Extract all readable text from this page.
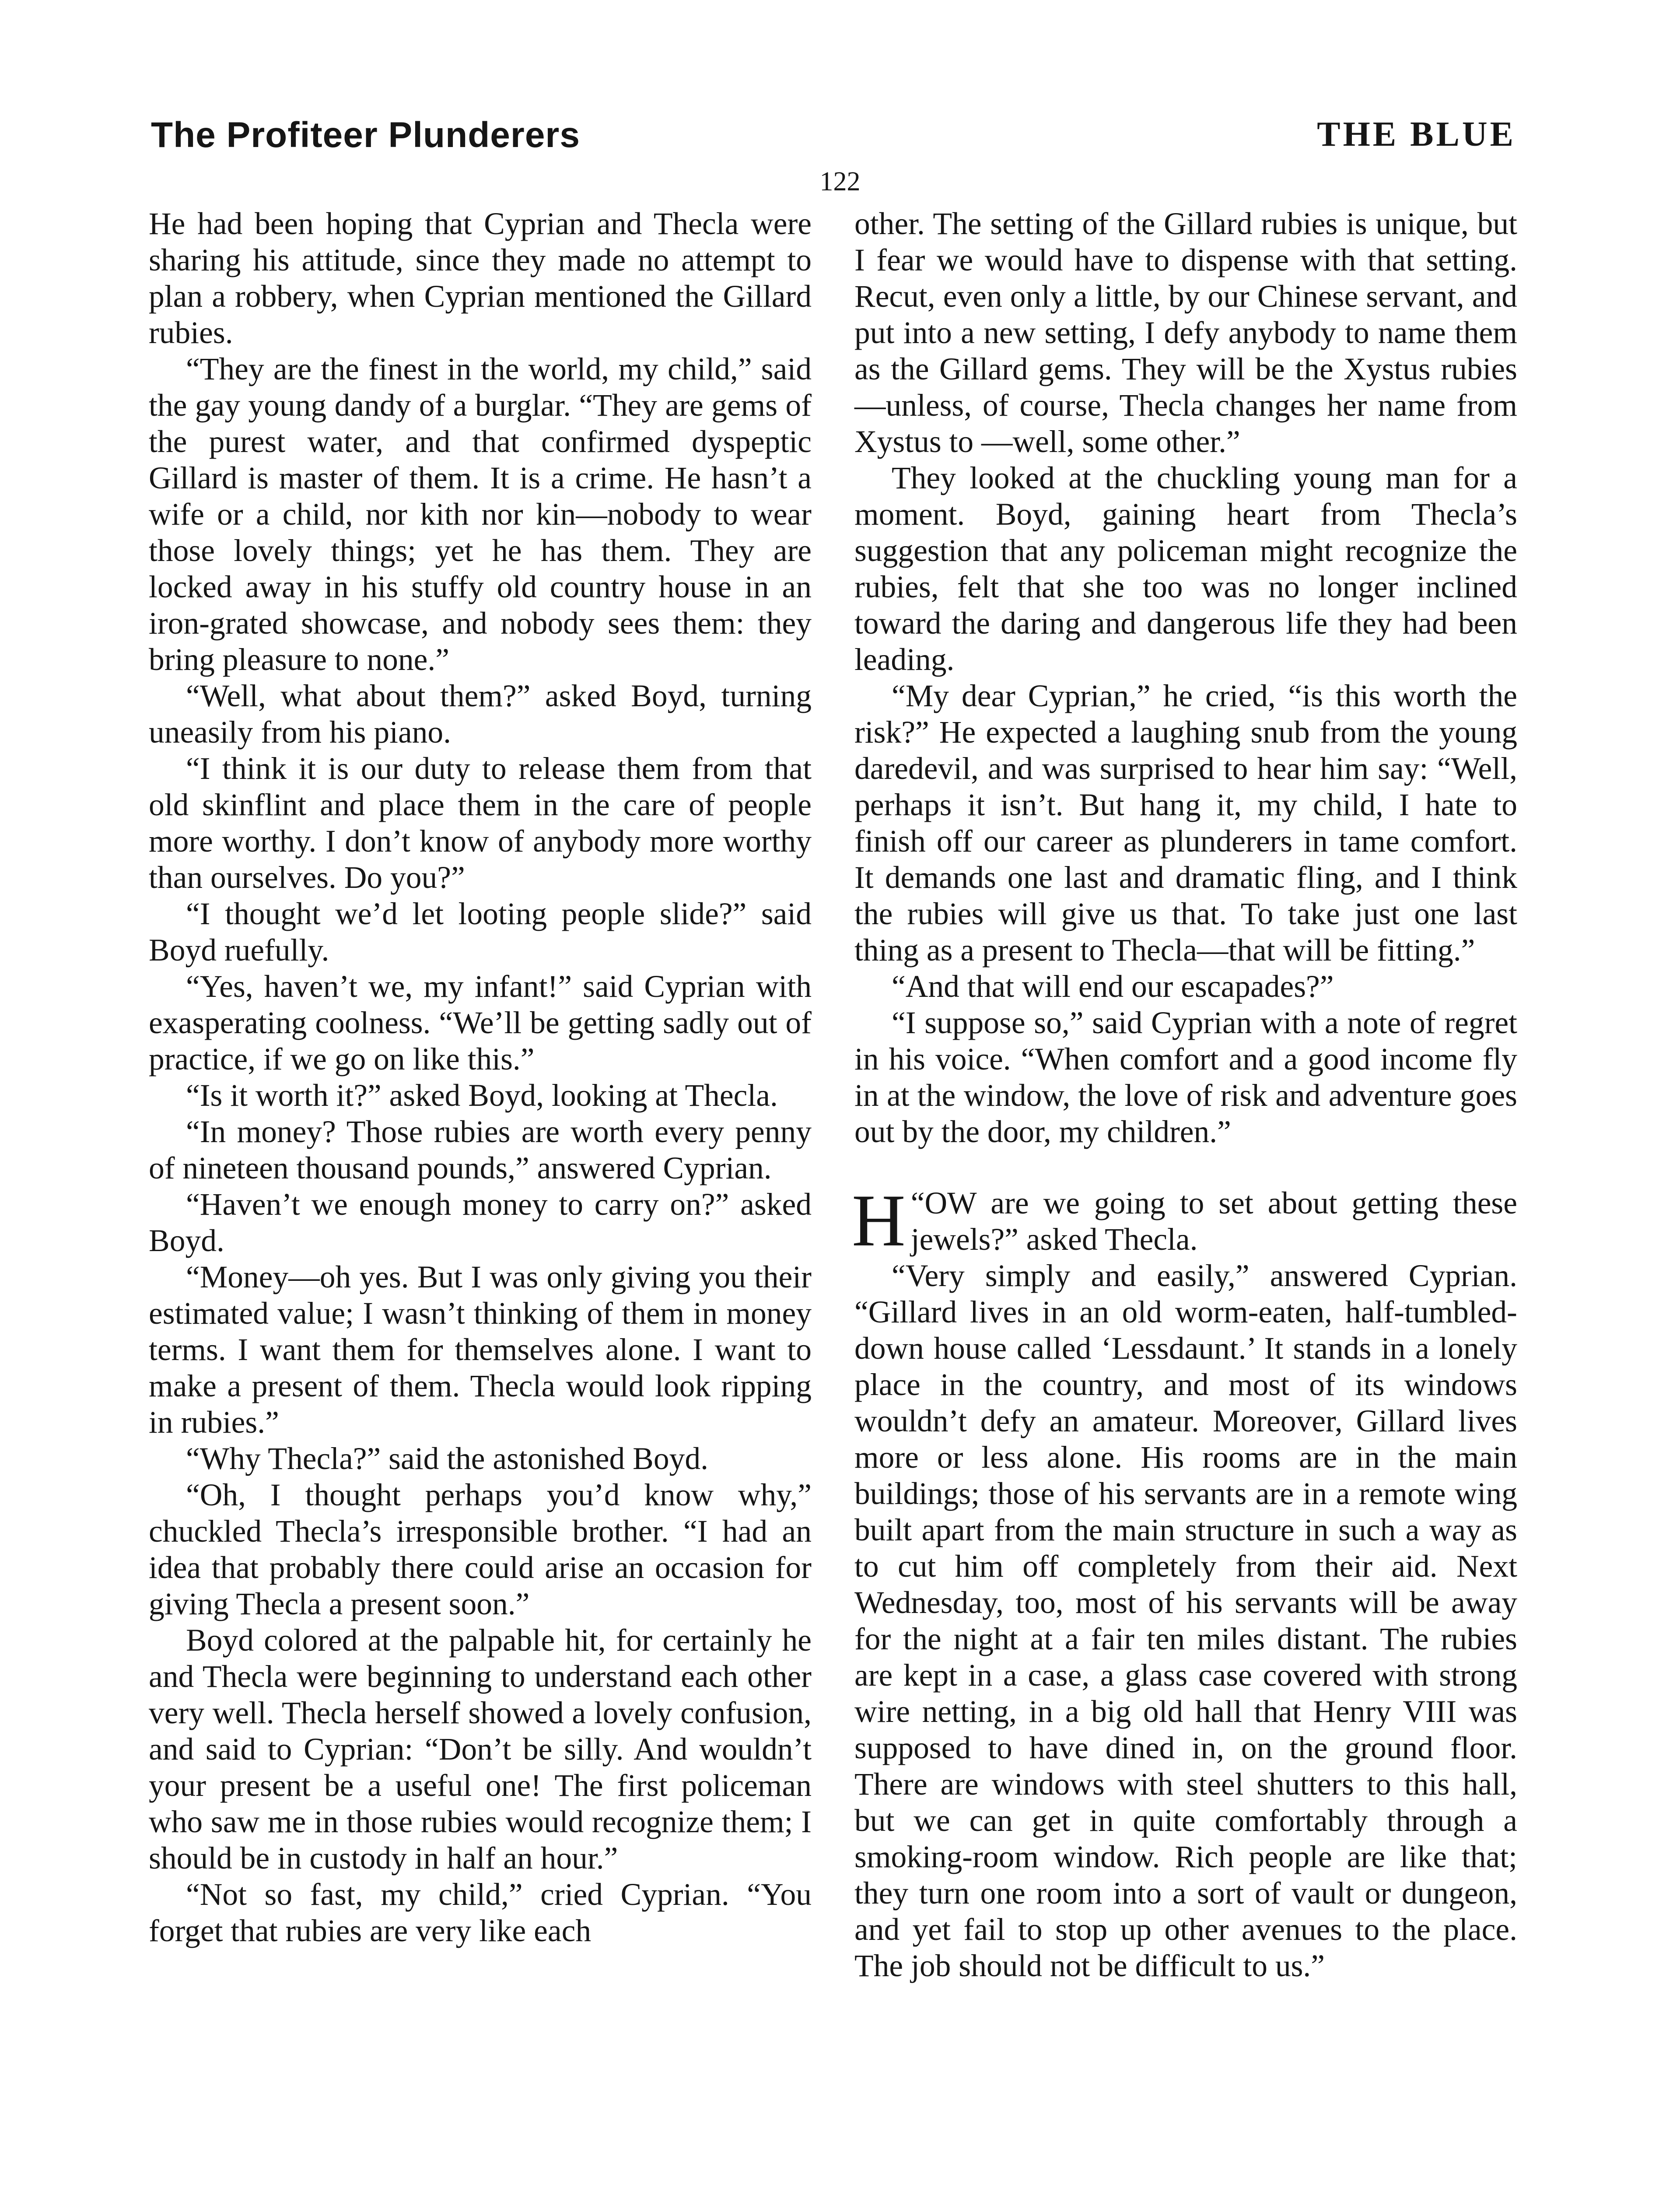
The Profiteer Plunderers	THE BLUE
122

He had been hoping that Cyprian and Thecla were sharing his attitude, since they made no attempt to plan a robbery, when Cyprian mentioned the Gillard rubies.

“They are the finest in the world, my child,” said the gay young dandy of a burglar. “They are gems of the purest water, and that confirmed dyspeptic Gillard is master of them. It is a crime. He hasn’t a wife or a child, nor kith nor kin—nobody to wear those lovely things; yet he has them. They are locked away in his stuffy old country house in an iron-grated showcase, and nobody sees them: they bring pleasure to none.”

“Well, what about them?” asked Boyd, turning uneasily from his piano.

“I think it is our duty to release them from that old skinflint and place them in the care of people more worthy. I don’t know of anybody more worthy than ourselves. Do you?”

“I thought we’d let looting people slide?” said Boyd ruefully.

“Yes, haven’t we, my infant!” said Cyprian with exasperating coolness. “We’ll be getting sadly out of practice, if we go on like this.”

“Is it worth it?” asked Boyd, looking at Thecla.

“In money? Those rubies are worth every penny of nineteen thousand pounds,” answered Cyprian.

“Haven’t we enough money to carry on?” asked Boyd.

“Money—oh yes. But I was only giving you their estimated value; I wasn’t thinking of them in money terms. I want them for themselves alone. I want to make a present of them. Thecla would look ripping in rubies.”

“Why Thecla?” said the astonished Boyd.

“Oh, I thought perhaps you’d know why,” chuckled Thecla’s irresponsible brother. “I had an idea that probably there could arise an occasion for giving Thecla a present soon.”

Boyd colored at the palpable hit, for certainly he and Thecla were beginning to understand each other very well. Thecla herself showed a lovely confusion, and said to Cyprian: “Don’t be silly. And wouldn’t your present be a useful one! The first policeman who saw me in those rubies would recognize them; I should be in custody in half an hour.”

“Not so fast, my child,” cried Cyprian. “You forget that rubies are very like each

other. The setting of the Gillard rubies is unique, but I fear we would have to dispense with that setting. Recut, even only a little, by our Chinese servant, and put into a new setting, I defy anybody to name them as the Gillard gems. They will be the Xystus rubies—unless, of course, Thecla changes her name from Xystus to —well, some other.”

They looked at the chuckling young man for a moment. Boyd, gaining heart from Thecla’s suggestion that any policeman might recognize the rubies, felt that she too was no longer inclined toward the daring and dangerous life they had been leading.

“My dear Cyprian,” he cried, “is this worth the risk?” He expected a laughing snub from the young daredevil, and was surprised to hear him say: “Well, perhaps it isn’t. But hang it, my child, I hate to finish off our career as plunderers in tame comfort. It demands one last and dramatic fling, and I think the rubies will give us that. To take just one last thing as a present to Thecla—that will be fitting.”

“And that will end our escapades?”

“I suppose so,” said Cyprian with a note of regret in his voice. “When comfort and a good income fly in at the window, the love of risk and adventure goes out by the door, my children.”

“
H OW are we going to set about getting these jewels?” asked Thecla.

“Very simply and easily,” answered Cyprian. “Gillard lives in an old worm-eaten, half-tumbled-down house called ‘Lessdaunt.’ It stands in a lonely place in the country, and most of its windows wouldn’t defy an amateur. Moreover, Gillard lives more or less alone. His rooms are in the main buildings; those of his servants are in a remote wing built apart from the main structure in such a way as to cut him off completely from their aid. Next Wednesday, too, most of his servants will be away for the night at a fair ten miles distant. The rubies are kept in a case, a glass case covered with strong wire netting, in a big old hall that Henry VIII was supposed to have dined in, on the ground floor. There are windows with steel shutters to this hall, but we can get in quite comfortably through a smoking-room window. Rich people are like that; they turn one room into a sort of vault or dungeon, and yet fail to stop up other avenues to the place. The job should not be difficult to us.”
